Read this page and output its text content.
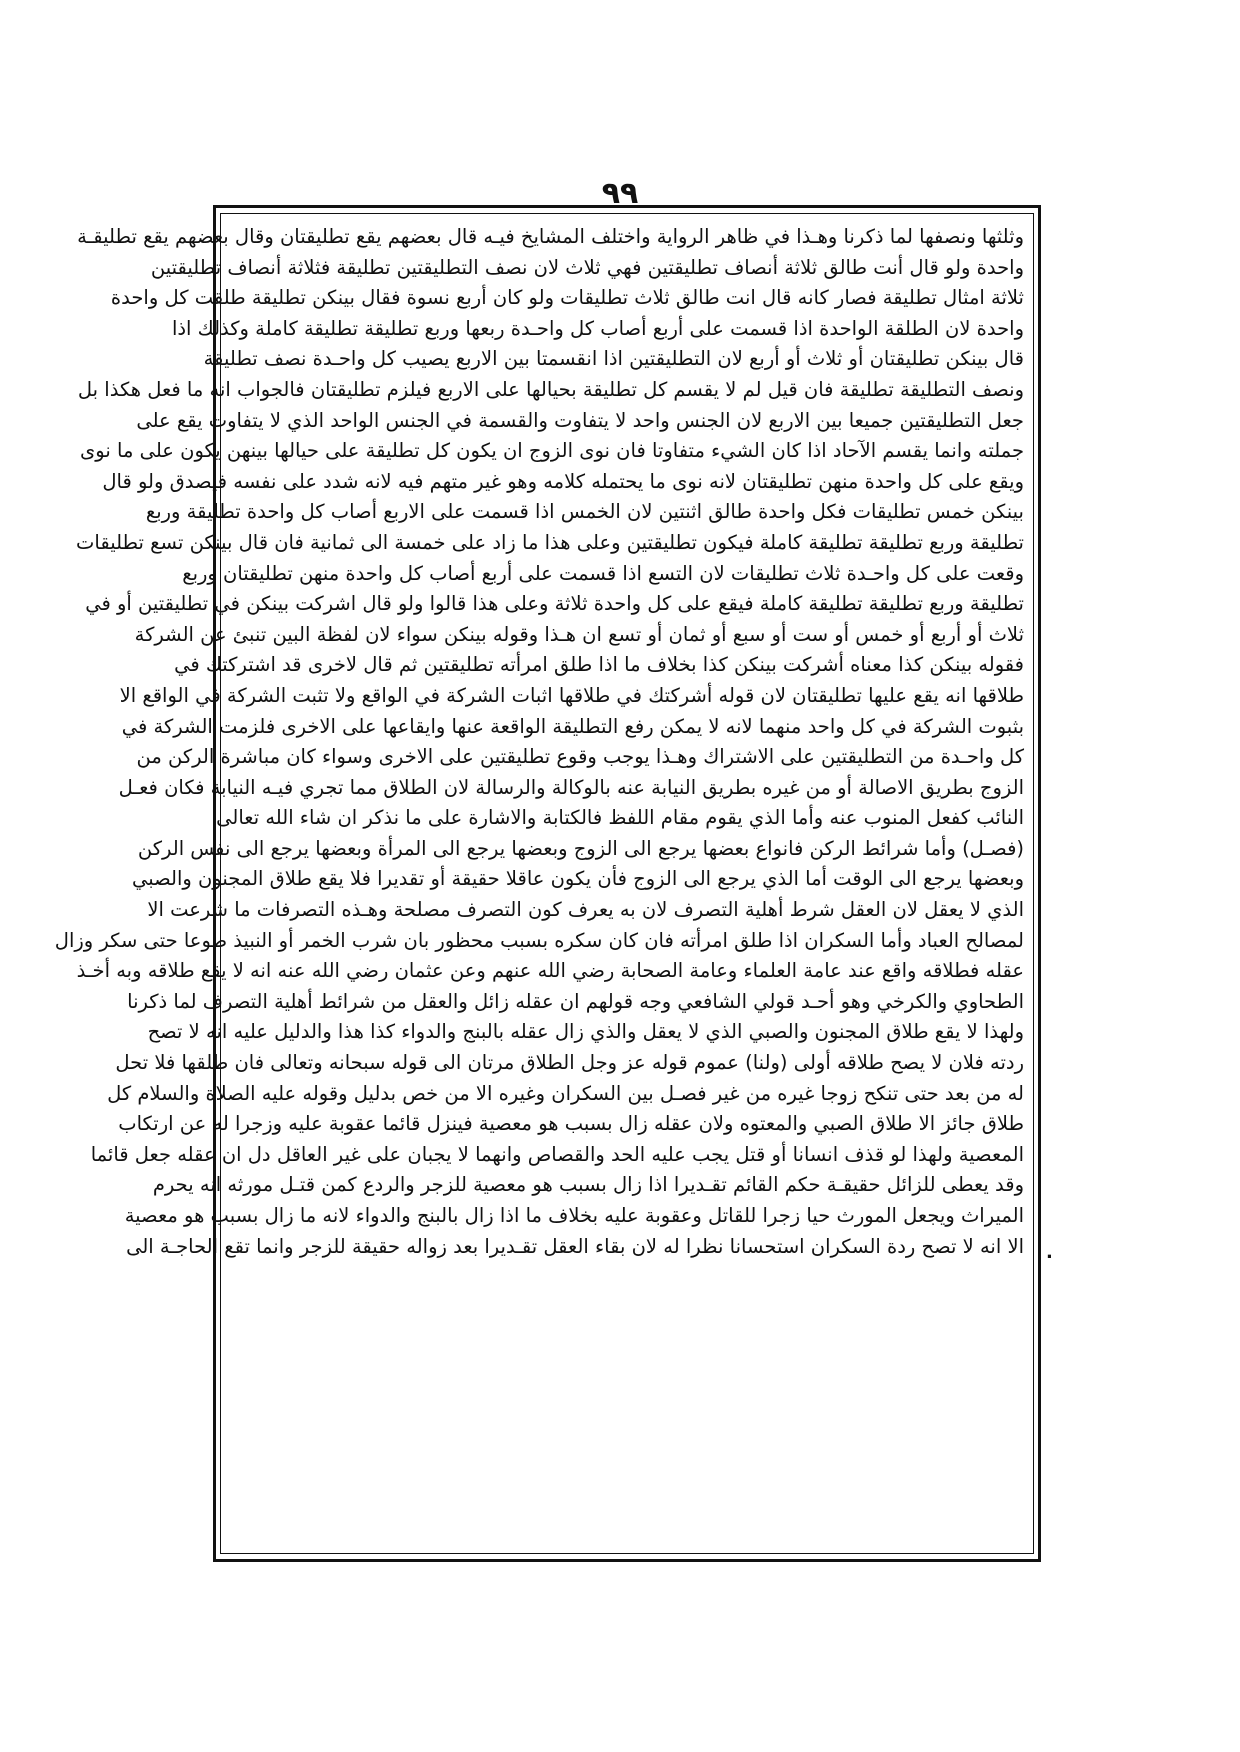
٩٩
وثلثها ونصفها لما ذكرنا وهـذا في ظاهر الرواية واختلف المشايخ فيـه قال بعضهم يقع تطليقتان وقال بعضهم يقع تطليقـة
واحدة ولو قال أنت طالق ثلاثة أنصاف تطليقتين فهي ثلاث لان نصف التطليقتين تطليقة فثلاثة أنصاف تطليقتين
ثلاثة امثال تطليقة فصار كانه قال انت طالق ثلاث تطليقات ولو كان أربع نسوة فقال بينكن تطليقة طلقت كل واحدة
واحدة لان الطلقة الواحدة اذا قسمت على أربع أصاب كل واحـدة ربعها وربع تطليقة تطليقة كاملة وكذلك اذا
قال بينكن تطليقتان أو ثلاث أو أربع لان التطليقتين اذا انقسمتا بين الاربع يصيب كل واحـدة نصف تطليقة
ونصف التطليقة تطليقة فان قيل لم لا يقسم كل تطليقة بحيالها على الاربع فيلزم تطليقتان فالجواب انه ما فعل هكذا بل
جعل التطليقتين جميعا بين الاربع لان الجنس واحد لا يتفاوت والقسمة في الجنس الواحد الذي لا يتفاوت يقع على
جملته وانما يقسم الآحاد اذا كان الشيء متفاوتا فان نوى الزوج ان يكون كل تطليقة على حيالها بينهن يكون على ما نوى
ويقع على كل واحدة منهن تطليقتان لانه نوى ما يحتمله كلامه وهو غير متهم فيه لانه شدد على نفسه فيصدق ولو قال
بينكن خمس تطليقات فكل واحدة طالق اثنتين لان الخمس اذا قسمت على الاربع أصاب كل واحدة تطليقة وربع
تطليقة وربع تطليقة تطليقة كاملة فيكون تطليقتين وعلى هذا ما زاد على خمسة الى ثمانية فان قال بينكن تسع تطليقات
وقعت على كل واحـدة ثلاث تطليقات لان التسع اذا قسمت على أربع أصاب كل واحدة منهن تطليقتان وربع
تطليقة وربع تطليقة تطليقة كاملة فيقع على كل واحدة ثلاثة وعلى هذا قالوا ولو قال اشركت بينكن في تطليقتين أو في
ثلاث أو أربع أو خمس أو ست أو سبع أو ثمان أو تسع ان هـذا وقوله بينكن سواء لان لفظة البين تنبئ عن الشركة
فقوله بينكن كذا معناه أشركت بينكن كذا بخلاف ما اذا طلق امرأته تطليقتين ثم قال لاخرى قد اشتركتك في
طلاقها انه يقع عليها تطليقتان لان قوله أشركتك في طلاقها اثبات الشركة في الواقع ولا تثبت الشركة في الواقع الا
بثبوت الشركة في كل واحد منهما لانه لا يمكن رفع التطليقة الواقعة عنها وايقاعها على الاخرى فلزمت الشركة في
كل واحـدة من التطليقتين على الاشتراك وهـذا يوجب وقوع تطليقتين على الاخرى وسواء كان مباشرة الركن من
الزوج بطريق الاصالة أو من غيره بطريق النيابة عنه بالوكالة والرسالة لان الطلاق مما تجري فيـه النيابة فكان فعـل
النائب كفعل المنوب عنه وأما الذي يقوم مقام اللفظ فالكتابة والاشارة على ما نذكر ان شاء الله تعالى
(فصـل) وأما شرائط الركن فانواع بعضها يرجع الى الزوج وبعضها يرجع الى المرأة وبعضها يرجع الى نفس الركن
وبعضها يرجع الى الوقت أما الذي يرجع الى الزوج فأن يكون عاقلا حقيقة أو تقديرا فلا يقع طلاق المجنون والصبي
الذي لا يعقل لان العقل شرط أهلية التصرف لان به يعرف كون التصرف مصلحة وهـذه التصرفات ما شرعت الا
لمصالح العباد وأما السكران اذا طلق امرأته فان كان سكره بسبب محظور بان شرب الخمر أو النبيذ طوعا حتى سكر وزال
عقله فطلاقه واقع عند عامة العلماء وعامة الصحابة رضي الله عنهم وعن عثمان رضي الله عنه انه لا يقع طلاقه وبه أخـذ
الطحاوي والكرخي وهو أحـد قولي الشافعي وجه قولهم ان عقله زائل والعقل من شرائط أهلية التصرف لما ذكرنا
ولهذا لا يقع طلاق المجنون والصبي الذي لا يعقل والذي زال عقله بالبنج والدواء كذا هذا والدليل عليه انه لا تصح
ردته فلان لا يصح طلاقه أولى (ولنا) عموم قوله عز وجل الطلاق مرتان الى قوله سبحانه وتعالى فان طلقها فلا تحل
له من بعد حتى تنكح زوجا غيره من غير فصـل بين السكران وغيره الا من خص بدليل وقوله عليه الصلاة والسلام كل
طلاق جائز الا طلاق الصبي والمعتوه ولان عقله زال بسبب هو معصية فينزل قائما عقوبة عليه وزجرا له عن ارتكاب
المعصية ولهذا لو قذف انسانا أو قتل يجب عليه الحد والقصاص وانهما لا يجبان على غير العاقل دل ان عقله جعل قائما
وقد يعطى للزائل حقيقـة حكم القائم تقـديرا اذا زال بسبب هو معصية للزجر والردع كمن قتـل مورثه انه يحرم
الميراث ويجعل المورث حيا زجرا للقاتل وعقوبة عليه بخلاف ما اذا زال بالبنج والدواء لانه ما زال بسبب هو معصية
الا انه لا تصح ردة السكران استحسانا نظرا له لان بقاء العقل تقـديرا بعد زواله حقيقة للزجر وانما تقع الحاجـة الى .
